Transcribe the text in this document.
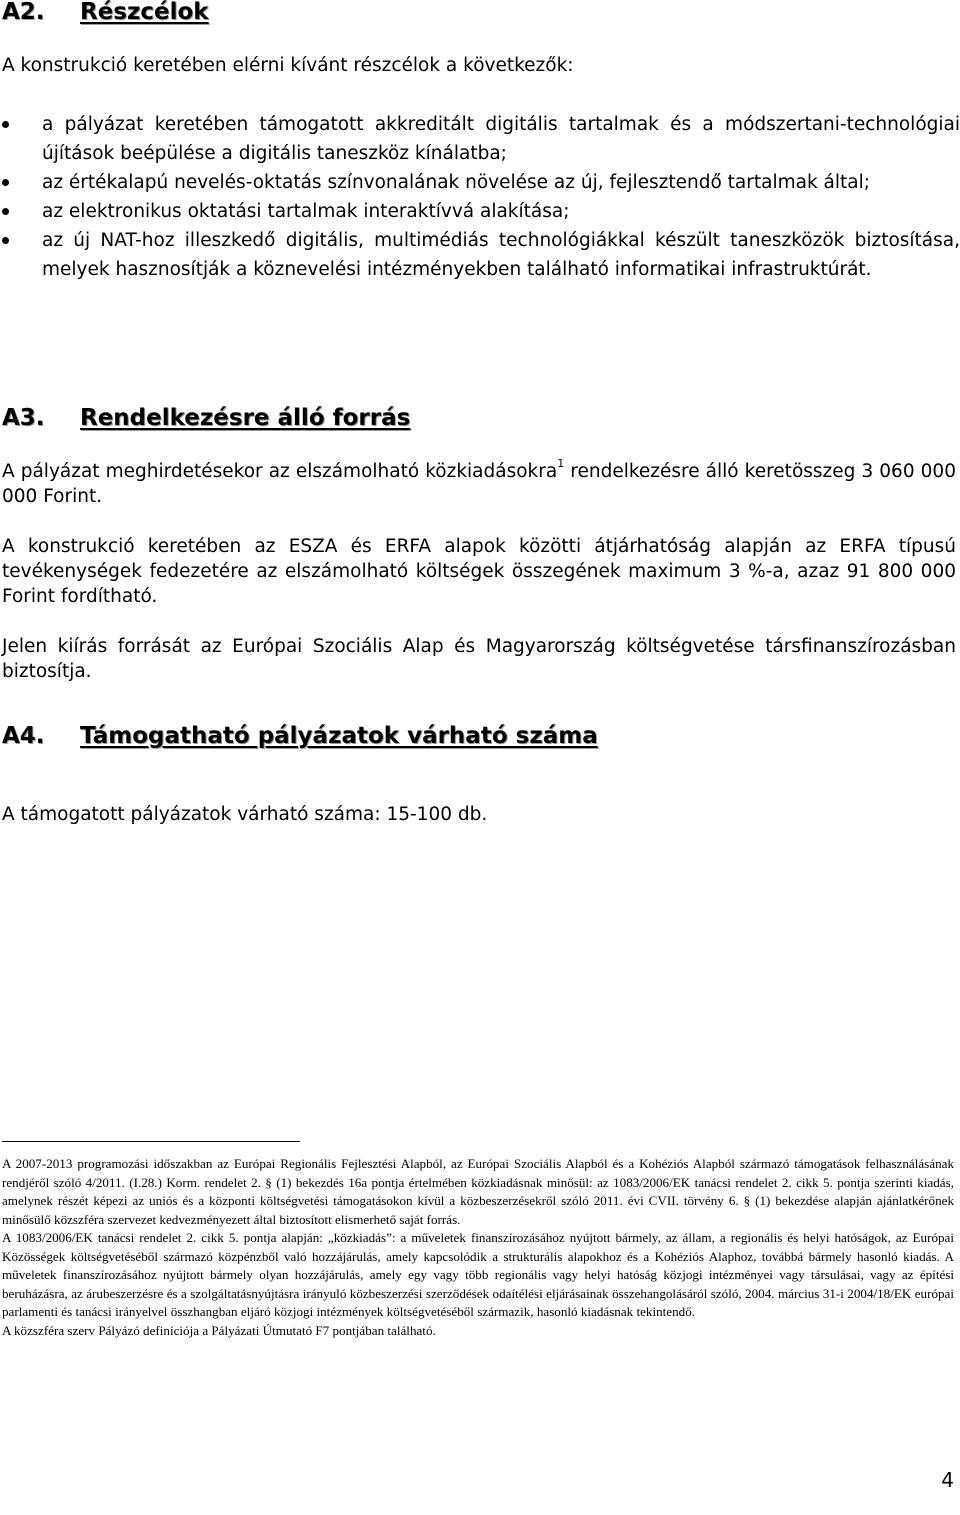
A2. Részcélok

A konstrukció keretében elérni kívánt részcélok a következők:

a pályázat keretében támogatott akkreditált digitális tartalmak és a módszertani-technológiai újítások beépülése a digitális taneszköz kínálatba;
az értékalapú nevelés-oktatás színvonalának növelése az új, fejlesztendő tartalmak által;
az elektronikus oktatási tartalmak interaktívvá alakítása;
az új NAT-hoz illeszkedő digitális, multimédiás technológiákkal készült taneszközök biztosítása, melyek hasznosítják a köznevelési intézményekben található informatikai infrastruktúrát.
A3. Rendelkezésre álló forrás

A pályázat meghirdetésekor az elszámolható közkiadásokra$^1$ rendelkezésre álló keretösszeg 3 060 000 000 Forint.

A konstrukció keretében az ESZA és ERFA alapok közötti átjárhatóság alapján az ERFA típusú tevékenységek fedezetére az elszámolható költségek összegének maximum 3 %-a, azaz 91 800 000 Forint fordítható.

Jelen kiírás forrását az Európai Szociális Alap és Magyarország költségvetése társfinanszírozásban biztosítja.

A4. Támogatható pályázatok várható száma

A támogatott pályázatok várható száma: 15-100 db.

A 2007-2013 programozási időszakban az Európai Regionális Fejlesztési Alapból, az Európai Szociális Alapból és a Kohéziós Alapból származó támogatások felhasználásának rendjéről szóló 4/2011. (I.28.) Korm. rendelet 2. § (1) bekezdés 16a pontja értelmében közkiadásnak minősül: az 1083/2006/EK tanácsi rendelet 2. cikk 5. pontja szerinti kiadás, amelynek részét képezi az uniós és a központi költségvetési támogatásokon kívül a közbeszerzésekről szóló 2011. évi CVII. törvény 6. § (1) bekezdése alapján ajánlatkérőnek minősülő közszféra szervezet kedvezményezett által biztosított elismerhető saját forrás.

A 1083/2006/EK tanácsi rendelet 2. cikk 5. pontja alapján: „közkiadás”: a műveletek finanszírozásához nyújtott bármely, az állam, a regionális és helyi hatóságok, az Európai Közösségek költségvetéséből származó közpénzből való hozzájárulás, amely kapcsolódik a strukturális alapokhoz és a Kohéziós Alaphoz, továbbá bármely hasonló kiadás. A műveletek finanszírozásához nyújtott bármely olyan hozzájárulás, amely egy vagy több regionális vagy helyi hatóság közjogi intézményei vagy társulásai, vagy az építési beruházásra, az árubeszerzésre és a szolgáltatásnyújtásra irányuló közbeszerzési szerződések odaítélési eljárásainak összehangolásáról szóló, 2004. március 31-i 2004/18/EK európai parlamenti és tanácsi irányelvel összhangban eljáró közjogi intézmények költségvetéséből származik, hasonló kiadásnak tekintendő.

A közszféra szerv Pályázó definíciója a Pályázati Útmutató F7 pontjában található.

4
